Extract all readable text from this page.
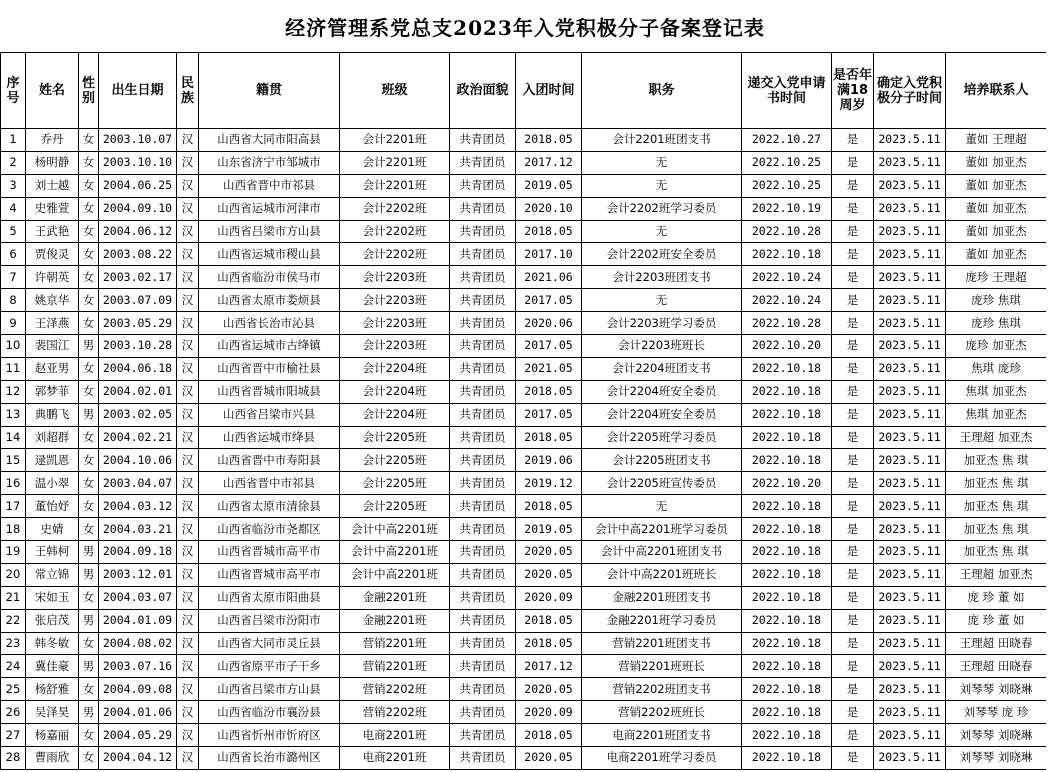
经济管理系党总支2023年入党积极分子备案登记表
序号	姓名	性别	出生日期	民族	籍贯	班级	政治面貌	入团时间	职务	递交入党申请书时间	是否年满18周岁	确定入党积极分子时间	培养联系人
1	乔丹	女	2003.10.07	汉	山西省大同市阳高县	会计2201班	共青团员	2018.05	会计2201班团支书	2022.10.27	是	2023.5.11	董如 王理超
2	杨明静	女	2003.10.10	汉	山东省济宁市邹城市	会计2201班	共青团员	2017.12	无	2022.10.25	是	2023.5.11	董如 加亚杰
3	刘士越	女	2004.06.25	汉	山西省晋中市祁县	会计2201班	共青团员	2019.05	无	2022.10.25	是	2023.5.11	董如 加亚杰
4	史雅萱	女	2004.09.10	汉	山西省运城市河津市	会计2202班	共青团员	2020.10	会计2202班学习委员	2022.10.19	是	2023.5.11	董如 加亚杰
5	王武艳	女	2004.06.12	汉	山西省吕梁市方山县	会计2202班	共青团员	2018.05	无	2022.10.28	是	2023.5.11	董如 加亚杰
6	贾俊灵	女	2003.08.22	汉	山西省运城市稷山县	会计2202班	共青团员	2017.10	会计2202班安全委员	2022.10.18	是	2023.5.11	董如 加亚杰
7	许朝英	女	2003.02.17	汉	山西省临汾市侯马市	会计2203班	共青团员	2021.06	会计2203班团支书	2022.10.24	是	2023.5.11	庞珍 王理超
8	姚京华	女	2003.07.09	汉	山西省太原市娄烦县	会计2203班	共青团员	2017.05	无	2022.10.24	是	2023.5.11	庞珍 焦琪
9	王泽燕	女	2003.05.29	汉	山西省长治市沁县	会计2203班	共青团员	2020.06	会计2203班学习委员	2022.10.28	是	2023.5.11	庞珍 焦琪
10	裴国江	男	2003.10.28	汉	山西省运城市古绛镇	会计2203班	共青团员	2017.05	会计2203班班长	2022.10.20	是	2023.5.11	庞珍 加亚杰
11	赵亚男	女	2004.06.18	汉	山西省晋中市榆社县	会计2204班	共青团员	2021.05	会计2204班团支书	2022.10.18	是	2023.5.11	焦琪 庞珍
12	郭梦菲	女	2004.02.01	汉	山西省晋城市阳城县	会计2204班	共青团员	2018.05	会计2204班安全委员	2022.10.18	是	2023.5.11	焦琪 加亚杰
13	典鹏飞	男	2003.02.05	汉	山西省吕梁市兴县	会计2204班	共青团员	2017.05	会计2204班安全委员	2022.10.18	是	2023.5.11	焦琪 加亚杰
14	刘超群	女	2004.02.21	汉	山西省运城市绛县	会计2205班	共青团员	2018.05	会计2205班学习委员	2022.10.18	是	2023.5.11	王理超 加亚杰
15	逯凯恩	女	2004.10.06	汉	山西省晋中市寿阳县	会计2205班	共青团员	2019.06	会计2205班团支书	2022.10.18	是	2023.5.11	加亚杰 焦 琪
16	温小翠	女	2003.04.07	汉	山西省晋中市祁县	会计2205班	共青团员	2019.12	会计2205班宣传委员	2022.10.20	是	2023.5.11	加亚杰 焦 琪
17	董怡妤	女	2004.03.12	汉	山西省太原市清徐县	会计2205班	共青团员	2018.05	无	2022.10.18	是	2023.5.11	加亚杰 焦 琪
18	史婧	女	2004.03.21	汉	山西省临汾市尧都区	会计中高2201班	共青团员	2019.05	会计中高2201班学习委员	2022.10.18	是	2023.5.11	加亚杰 焦 琪
19	王韩柯	男	2004.09.18	汉	山西省晋城市高平市	会计中高2201班	共青团员	2020.05	会计中高2201班团支书	2022.10.18	是	2023.5.11	加亚杰 焦 琪
20	常立锦	男	2003.12.01	汉	山西省晋城市高平市	会计中高2201班	共青团员	2020.05	会计中高2201班班长	2022.10.18	是	2023.5.11	王理超 加亚杰
21	宋如玉	女	2004.03.07	汉	山西省太原市阳曲县	金融2201班	共青团员	2020.09	金融2201班团支书	2022.10.18	是	2023.5.11	庞 珍 董 如
22	张启茂	男	2004.01.09	汉	山西省吕梁市汾阳市	金融2201班	共青团员	2018.05	金融2201班学习委员	2022.10.18	是	2023.5.11	庞 珍 董 如
23	韩冬敏	女	2004.08.02	汉	山西省大同市灵丘县	营销2201班	共青团员	2018.05	营销2201班团支书	2022.10.18	是	2023.5.11	王理超 田晓春
24	冀佳豪	男	2003.07.16	汉	山西省原平市子干乡	营销2201班	共青团员	2017.12	营销2201班班长	2022.10.18	是	2023.5.11	王理超 田晓春
25	杨舒雅	女	2004.09.08	汉	山西省吕梁市方山县	营销2202班	共青团员	2020.05	营销2202班团支书	2022.10.18	是	2023.5.11	刘琴琴 刘晓琳
26	吴泽昊	男	2004.01.06	汉	山西省临汾市襄汾县	营销2202班	共青团员	2020.09	营销2202班班长	2022.10.18	是	2023.5.11	刘琴琴 庞 珍
27	杨嘉丽	女	2004.05.29	汉	山西省忻州市忻府区	电商2201班	共青团员	2018.05	电商2201班团支书	2022.10.18	是	2023.5.11	刘琴琴 刘晓琳
28	曹雨欣	女	2004.04.12	汉	山西省长治市潞州区	电商2201班	共青团员	2020.05	电商2201班学习委员	2022.10.18	是	2023.5.11	刘琴琴 刘晓琳
